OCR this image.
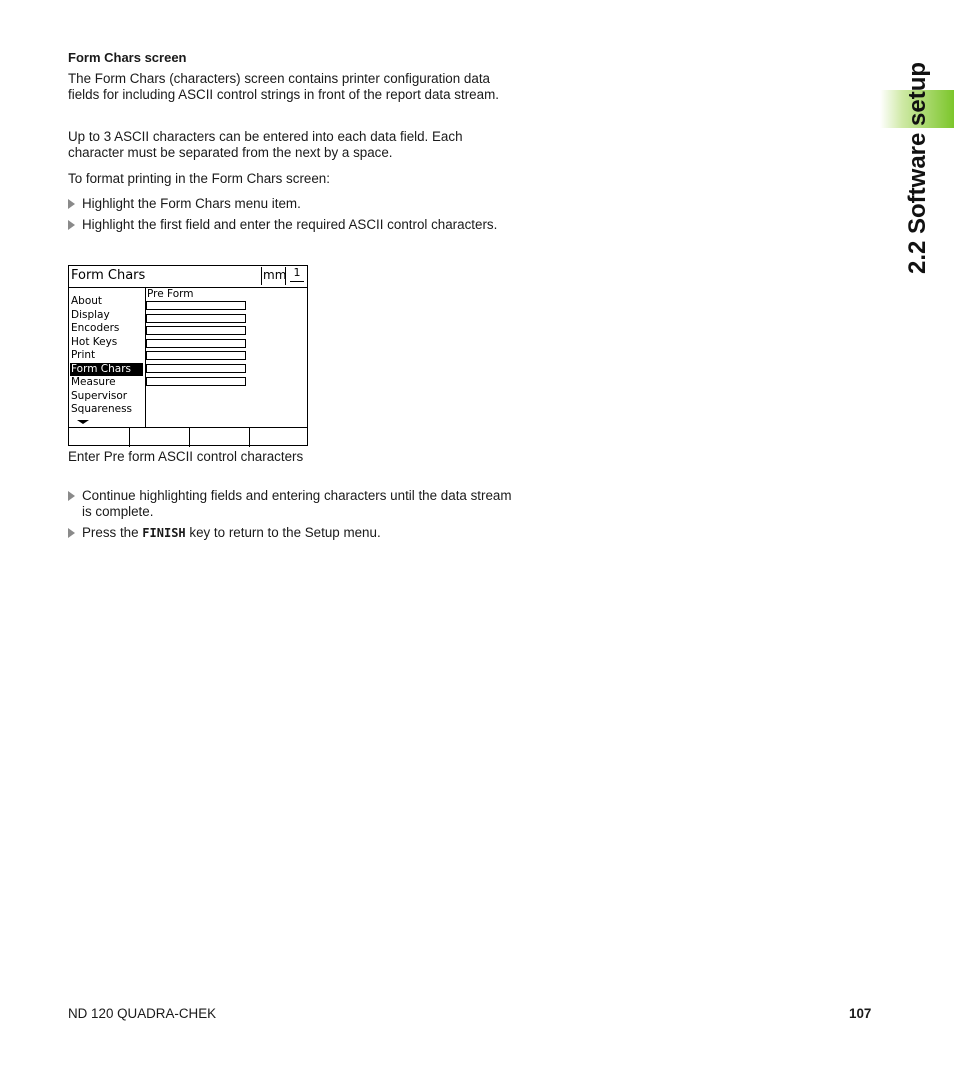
2.2 Software setup

Form Chars screen

The Form Chars (characters) screen contains printer configuration data fields for including ASCII control strings in front of the report data stream.

Up to 3 ASCII characters can be entered into each data field. Each character must be separated from the next by a space.

To format printing in the Form Chars screen:

Highlight the Form Chars menu item.
Highlight the first field and enter the required ASCII control characters.
Form Chars	mm 1
About
Display
Encoders
Hot Keys
Print
Form Chars
Measure
Supervisor
Squareness
Pre Form
Enter Pre form ASCII control characters
Continue highlighting fields and entering characters until the data stream is complete.
Press the FINISH key to return to the Setup menu.
ND 120 QUADRA-CHEK	107
